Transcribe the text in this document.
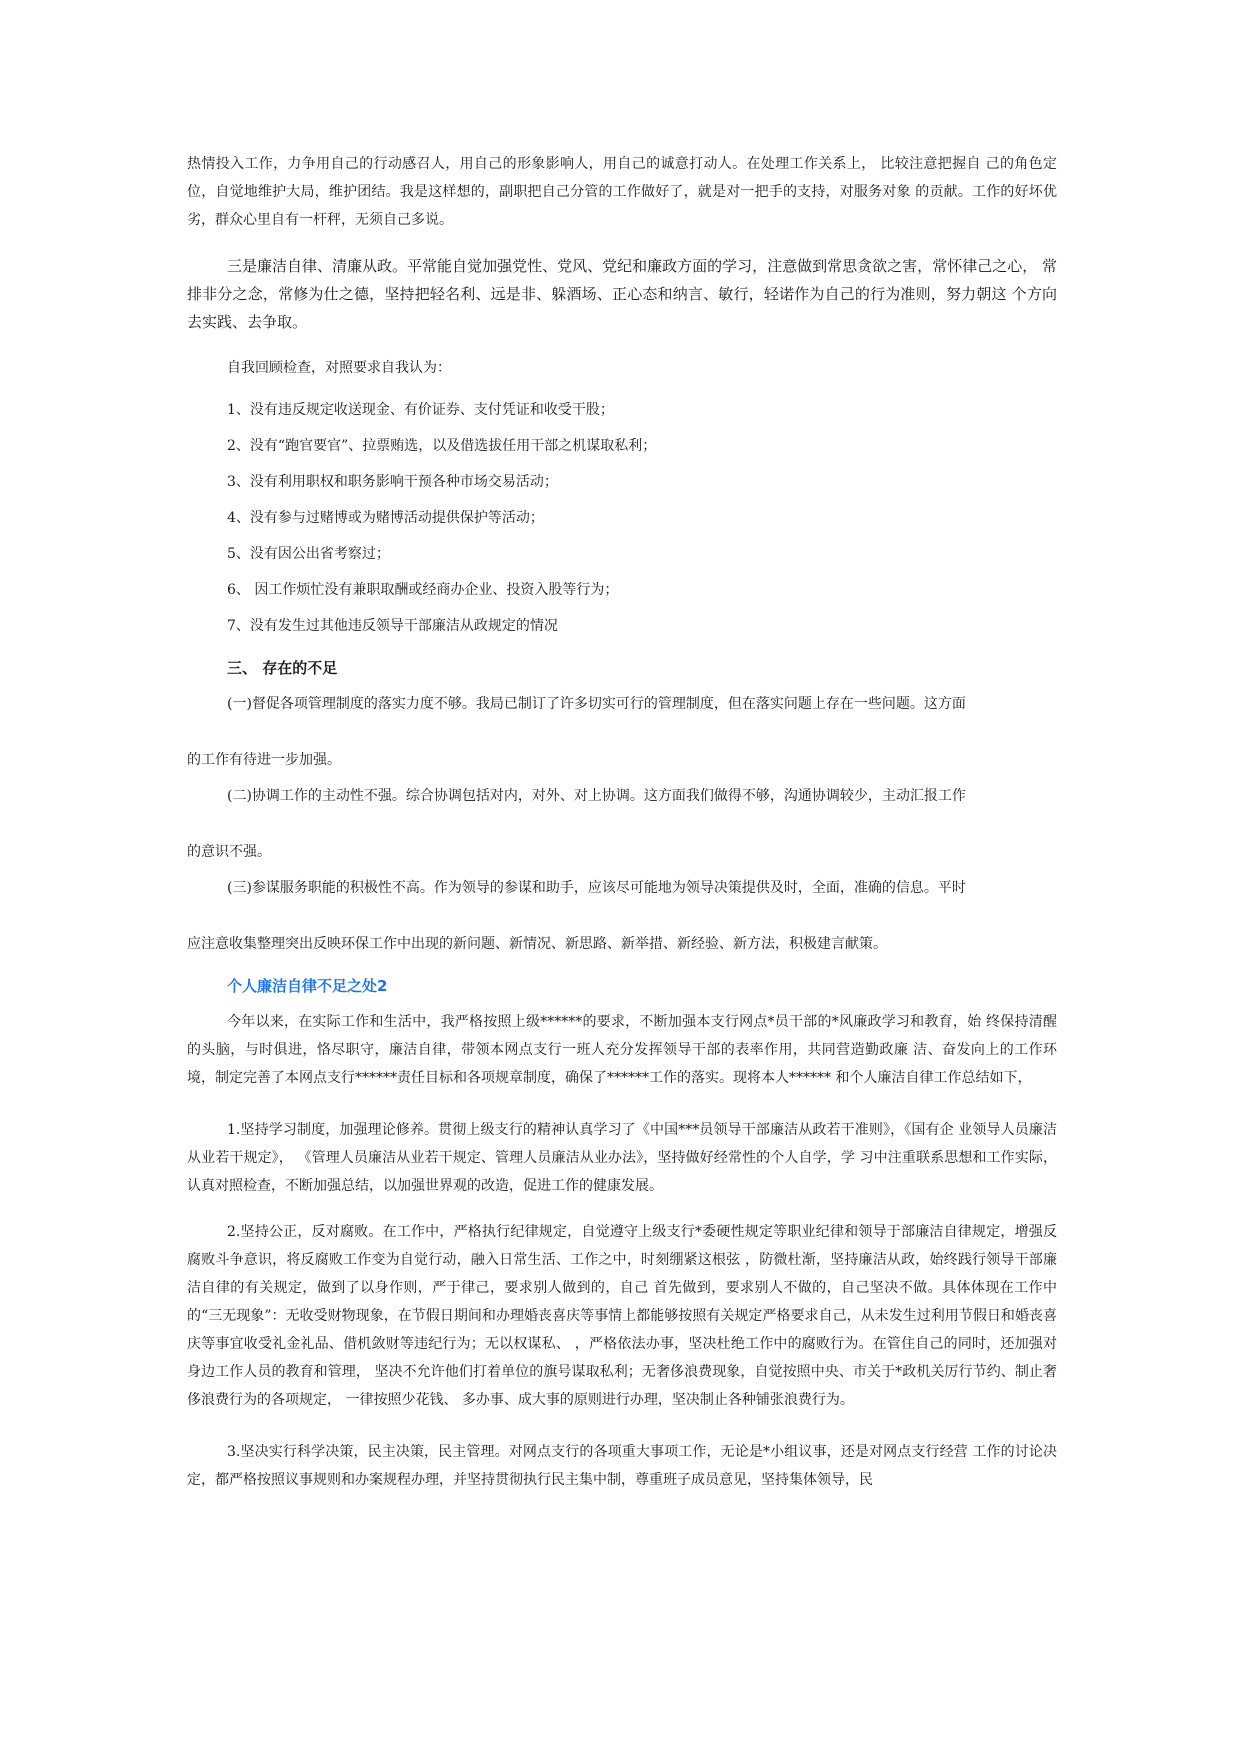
热情投入工作，力争用自己的行动感召人，用自己的形象影响人，用自己的诚意打动人。在处理工作关系上， 比较注意把握自 己的角色定位，自觉地维护大局，维护团结。我是这样想的，副职把自己分管的工作做好了，就是对一把手的支持，对服务对象 的贡献。工作的好坏优劣，群众心里自有一杆秤，无须自己多说。

三是廉洁自律、清廉从政。平常能自觉加强党性、党风、党纪和廉政方面的学习，注意做到常思贪欲之害，常怀律己之心， 常排非分之念，常修为仕之德，坚持把轻名利、远是非、躲酒场、正心态和纳言、敏行，轻诺作为自己的行为准则，努力朝这 个方向去实践、去争取。

自我回顾检查，对照要求自我认为：

1、没有违反规定收送现金、有价证券、支付凭证和收受干股；

2、没有“跑官要官”、拉票贿选，以及借选拔任用干部之机谋取私利；

3、没有利用职权和职务影响干预各种市场交易活动；

4、没有参与过赌博或为赌博活动提供保护等活动；

5、没有因公出省考察过；

6、 因工作烦忙没有兼职取酬或经商办企业、投资入股等行为；

7、没有发生过其他违反领导干部廉洁从政规定的情况

三、 存在的不足

(一)督促各项管理制度的落实力度不够。我局已制订了许多切实可行的管理制度，但在落实问题上存在一些问题。这方面

的工作有待进一步加强。

(二)协调工作的主动性不强。综合协调包括对内，对外、对上协调。这方面我们做得不够，沟通协调较少，主动汇报工作

的意识不强。

(三)参谋服务职能的积极性不高。作为领导的参谋和助手，应该尽可能地为领导决策提供及时，全面，准确的信息。平时

应注意收集整理突出反映环保工作中出现的新问题、新情况、新思路、新举措、新经验、新方法，积极建言献策。

个人廉洁自律不足之处2

今年以来，在实际工作和生活中，我严格按照上级******的要求，不断加强本支行网点*员干部的*风廉政学习和教育，始 终保持清醒的头脑，与时俱进，恪尽职守，廉洁自律，带领本网点支行一班人充分发挥领导干部的表率作用，共同营造勤政廉 洁、奋发向上的工作环境，制定完善了本网点支行******责任目标和各项规章制度，确保了******工作的落实。现将本人****** 和个人廉洁自律工作总结如下，

1.坚持学习制度，加强理论修养。贯彻上级支行的精神认真学习了《中国***员领导干部廉洁从政若干准则》，《国有企 业领导人员廉洁从业若干规定》， 《管理人员廉洁从业若干规定、管理人员廉洁从业办法》，坚持做好经常性的个人自学，学 习中注重联系思想和工作实际，认真对照检查，不断加强总结，以加强世界观的改造，促进工作的健康发展。

2.坚持公正，反对腐败。在工作中，严格执行纪律规定，自觉遵守上级支行*委硬性规定等职业纪律和领导于部廉洁自律规定，增强反腐败斗争意识，将反腐败工作变为自觉行动，融入日常生活、工作之中，时刻绷紧这根弦 ，防微杜渐，坚持廉洁从政，始终践行领导干部廉洁自律的有关规定，做到了以身作则，严于律己，要求别人做到的，自己 首先做到，要求别人不做的，自己坚决不做。具体体现在工作中的“三无现象”：无收受财物现象，在节假日期间和办理婚丧喜庆等事情上都能够按照有关规定严格要求自己，从未发生过利用节假日和婚丧喜庆等事宜收受礼金礼品、借机敛财等违纪行为；无以权谋私、 ，严格依法办事，坚决杜绝工作中的腐败行为。在管住自己的同时，还加强对身边工作人员的教育和管理， 坚决不允许他们打着单位的旗号谋取私利；无奢侈浪费现象，自觉按照中央、市关于*政机关厉行节约、制止奢侈浪费行为的各项规定， 一律按照少花钱、 多办事、成大事的原则进行办理，坚决制止各种铺张浪费行为。

3.坚决实行科学决策，民主决策，民主管理。对网点支行的各项重大事项工作，无论是*小组议事，还是对网点支行经营 工作的讨论决定，都严格按照议事规则和办案规程办理，并坚持贯彻执行民主集中制，尊重班子成员意见，坚持集体领导，民
